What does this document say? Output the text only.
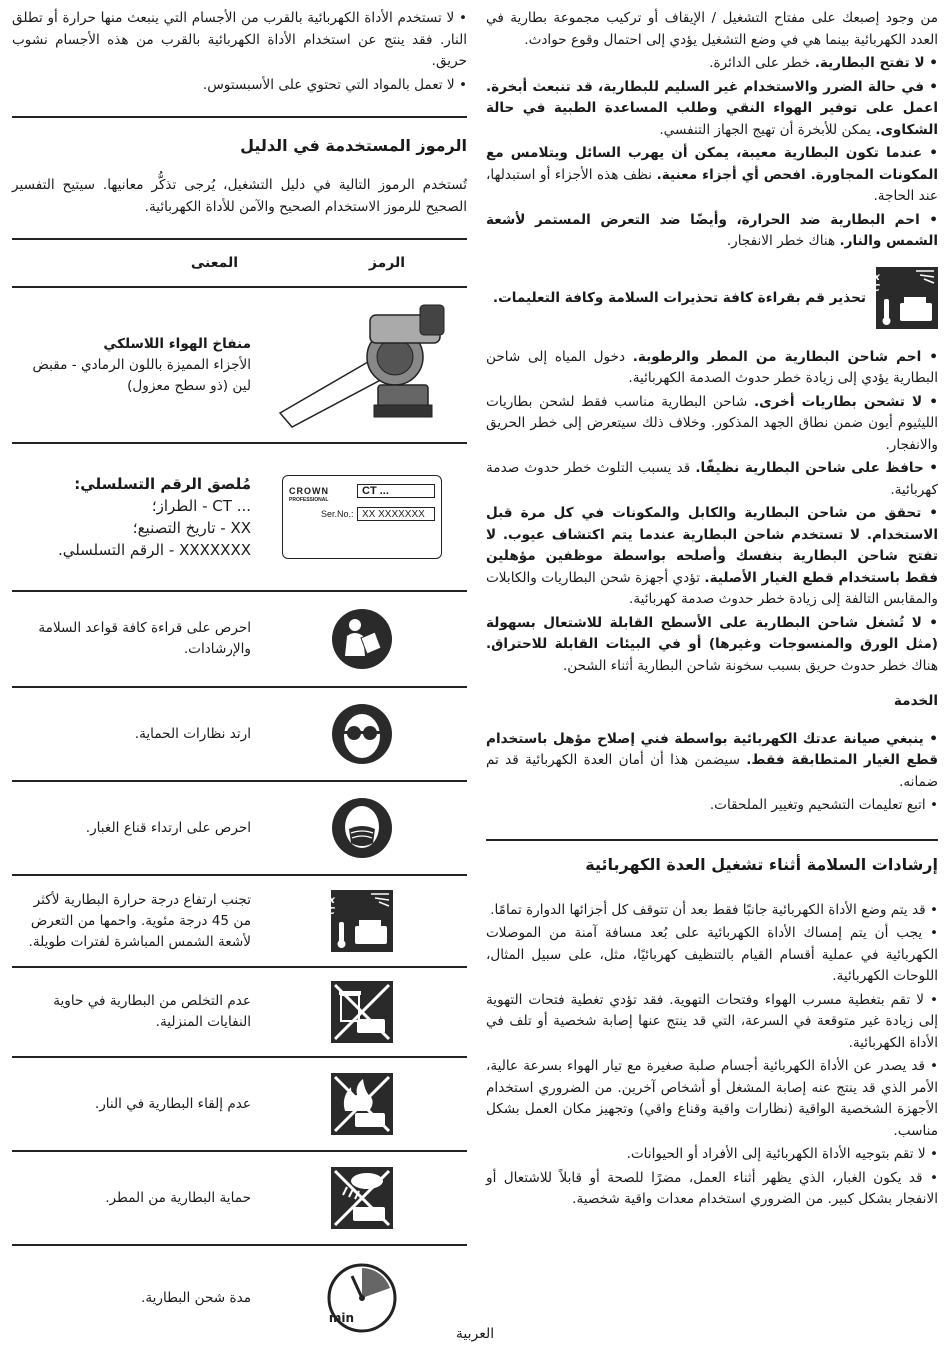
من وجود إصبعك على مفتاح التشغيل / الإيقاف أو تركيب مجموعة بطارية في العدد الكهربائية بينما هي في وضع التشغيل يؤدي إلى احتمال وقوع حوادث.

• لا تفتح البطارية. خطر على الدائرة.

• في حالة الضرر والاستخدام غير السليم للبطارية، قد تنبعث أبخرة. اعمل على توفير الهواء النقي وطلب المساعدة الطبية في حالة الشكاوى. يمكن للأبخرة أن تهيج الجهاز التنفسي.

• عندما تكون البطارية معيبة، يمكن أن يهرب السائل ويتلامس مع المكونات المجاورة. افحص أي أجزاء معنية. نظف هذه الأجزاء أو استبدلها، عند الحاجة.

• احم البطارية ضد الحرارة، وأيضًا ضد التعرض المستمر لأشعة الشمس والنار. هناك خطر الانفجار.

max.
45°C
تحذير قم بقراءة كافة تحذيرات السلامة وكافة التعليمات.

• احم شاحن البطارية من المطر والرطوبة. دخول المياه إلى شاحن البطارية يؤدي إلى زيادة خطر حدوث الصدمة الكهربائية.

• لا تشحن بطاريات أخرى. شاحن البطارية مناسب فقط لشحن بطاريات الليثيوم أيون ضمن نطاق الجهد المذكور. وخلاف ذلك سيتعرض إلى خطر الحريق والانفجار.

• حافظ على شاحن البطارية نظيفًا. قد يسبب التلوث خطر حدوث صدمة كهربائية.

• تحقق من شاحن البطارية والكابل والمكونات في كل مرة قبل الاستخدام. لا تستخدم شاحن البطارية عندما يتم اكتشاف عيوب. لا تفتح شاحن البطارية بنفسك وأصلحه بواسطة موظفين مؤهلين فقط باستخدام قطع الغيار الأصلية. تؤدي أجهزة شحن البطاريات والكابلات والمقابس التالفة إلى زيادة خطر حدوث صدمة كهربائية.

• لا تُشغل شاحن البطارية على الأسطح القابلة للاشتعال بسهولة (مثل الورق والمنسوجات وغيرها) أو في البيئات القابلة للاحتراق. هناك خطر حدوث حريق بسبب سخونة شاحن البطارية أثناء الشحن.

الخدمة

• ينبغي صيانة عدتك الكهربائية بواسطة فني إصلاح مؤهل باستخدام قطع الغيار المتطابقة فقط. سيضمن هذا أن أمان العدة الكهربائية قد تم ضمانه.

• اتبع تعليمات التشحيم وتغيير الملحقات.

إرشادات السلامة أثناء تشغيل العدة الكهربائية

• قد يتم وضع الأداة الكهربائية جانبًا فقط بعد أن تتوقف كل أجزائها الدوارة تمامًا.

• يجب أن يتم إمساك الأداة الكهربائية على بُعد مسافة آمنة من الموصلات الكهربائية في عملية أقسام القيام بالتنظيف كهربائيًا، مثل، على سبيل المثال، اللوحات الكهربائية.

• لا تقم بتغطية مسرب الهواء وفتحات التهوية. فقد تؤدي تغطية فتحات التهوية إلى زيادة غير متوقعة في السرعة، التي قد ينتج عنها إصابة شخصية أو تلف في الأداة الكهربائية.

• قد يصدر عن الأداة الكهربائية أجسام صلبة صغيرة مع تيار الهواء بسرعة عالية، الأمر الذي قد ينتج عنه إصابة المشغل أو أشخاص آخرين. من الضروري استخدام الأجهزة الشخصية الواقية (نظارات واقية وقناع واقي) وتجهيز مكان العمل بشكل مناسب.

• لا تقم بتوجيه الأداة الكهربائية إلى الأفراد أو الحيوانات.

• قد يكون الغبار، الذي يظهر أثناء العمل، مضرًا للصحة أو قابلاً للاشتعال أو الانفجار بشكل كبير. من الضروري استخدام معدات واقية شخصية.

• لا تستخدم الأداة الكهربائية بالقرب من الأجسام التي ينبعث منها حرارة أو تطلق النار. فقد ينتج عن استخدام الأداة الكهربائية بالقرب من هذه الأجسام نشوب حريق.

• لا تعمل بالمواد التي تحتوي على الأسبستوس.

الرموز المستخدمة في الدليل

تُستخدم الرموز التالية في دليل التشغيل، يُرجى تذكُّر معانيها. سيتيح التفسير الصحيح للرموز الاستخدام الصحيح والآمن للأداة الكهربائية.

الرمز
المعنى
منفاخ الهواء اللاسلكي
الأجزاء المميزة باللون الرمادي - مقبض لين (ذو سطح معزول)
CROWN
PROFESSIONAL
CT ...
Ser.No.: XX XXXXXXX
مُلصق الرقم التسلسلي:
... CT - الطراز؛
XX - تاريخ التصنيع؛
XXXXXXX - الرقم التسلسلي.
احرص على قراءة كافة قواعد السلامة والإرشادات.
ارتد نظارات الحماية.
احرص على ارتداء قناع الغبار.
max.
45°C
تجنب ارتفاع درجة حرارة البطارية لأكثر من 45 درجة مئوية. واحمها من التعرض لأشعة الشمس المباشرة لفترات طويلة.
عدم التخلص من البطارية في حاوية النفايات المنزلية.
عدم إلقاء البطارية في النار.
حماية البطارية من المطر.
min
مدة شحن البطارية.
العربية
